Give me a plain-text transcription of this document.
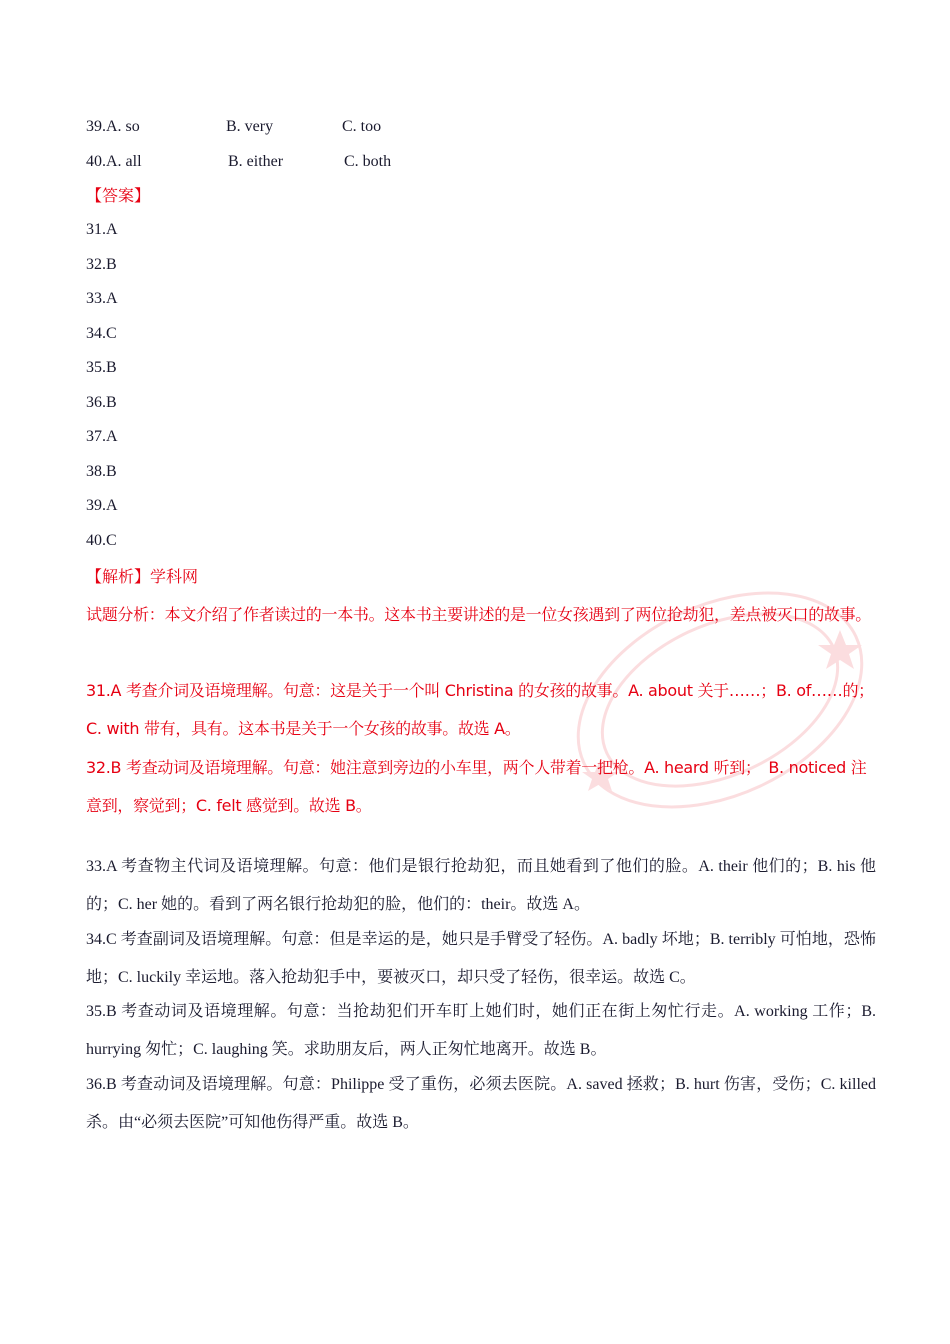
39.A. so	B. very	C. too
40.A. all	B. either	C. both
【答案】
31.A
32.B
33.A
34.C
35.B
36.B
37.A
38.B
39.A
40.C
【解析】学科网
试题分析：本文介绍了作者读过的一本书。这本书主要讲述的是一位女孩遇到了两位抢劫犯，差点被灭口的故事。
31.A 考查介词及语境理解。句意：这是关于一个叫 Christina 的女孩的故事。A. about 关于……；B. of……的；C. with 带有，具有。这本书是关于一个女孩的故事。故选 A。
32.B 考查动词及语境理解。句意：她注意到旁边的小车里，两个人带着一把枪。A. heard 听到；　B. noticed 注意到，察觉到；C. felt 感觉到。故选 B。
33.A 考查物主代词及语境理解。句意：他们是银行抢劫犯，而且她看到了他们的脸。A. their 他们的；B. his 他的；C. her 她的。看到了两名银行抢劫犯的脸，他们的：their。故选 A。
34.C 考查副词及语境理解。句意：但是幸运的是，她只是手臂受了轻伤。A. badly 坏地；B. terribly 可怕地，恐怖地；C. luckily 幸运地。落入抢劫犯手中，要被灭口，却只受了轻伤，很幸运。故选 C。
35.B 考查动词及语境理解。句意：当抢劫犯们开车盯上她们时，她们正在街上匆忙行走。A. working 工作；B. hurrying 匆忙；C. laughing 笑。求助朋友后，两人正匆忙地离开。故选 B。
36.B 考查动词及语境理解。句意：Philippe 受了重伤，必须去医院。A. saved 拯救；B. hurt 伤害，受伤；C. killed 杀。由“必须去医院”可知他伤得严重。故选 B。
